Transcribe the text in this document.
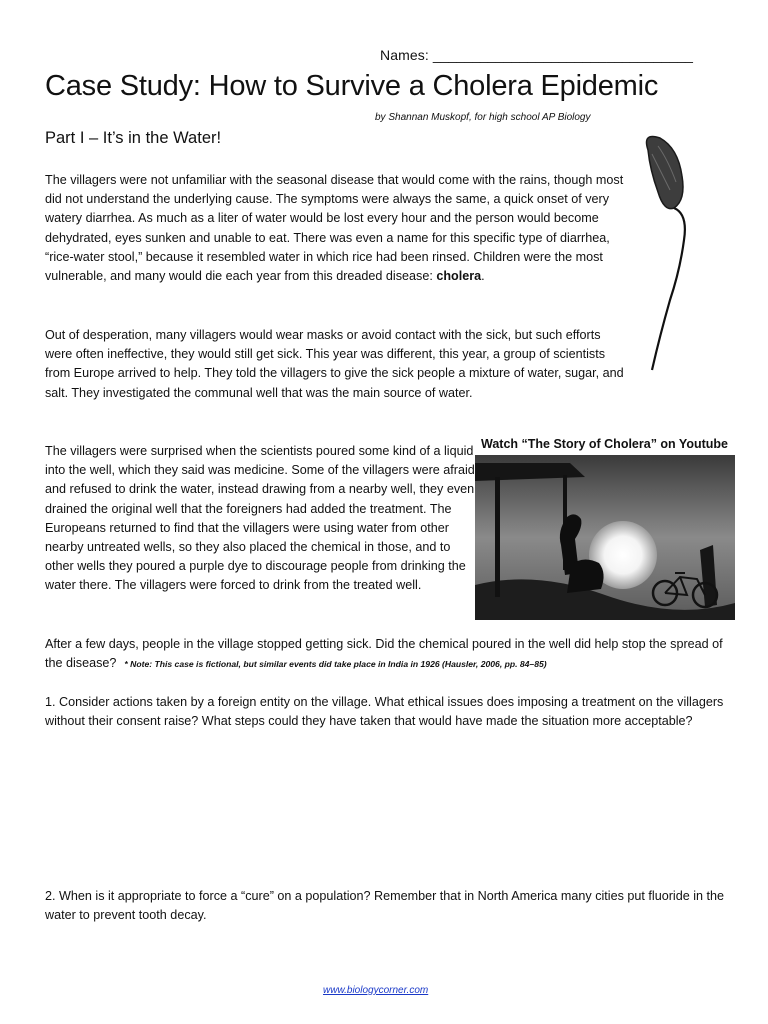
Names: _________________________________
Case Study: How to Survive a Cholera Epidemic
by Shannan Muskopf, for high school AP Biology
Part I – It’s in the Water!

The villagers were not unfamiliar with the seasonal disease that would come with the rains, though most did not understand the underlying cause. The symptoms were always the same, a quick onset of very watery diarrhea. As much as a liter of water would be lost every hour and the person would become dehydrated, eyes sunken and unable to eat. There was even a name for this specific type of diarrhea, “rice-water stool,” because it resembled water in which rice had been rinsed. Children were the most vulnerable, and many would die each year from this dreaded disease: cholera.

Out of desperation, many villagers would wear masks or avoid contact with the sick, but such efforts were often ineffective, they would still get sick. This year was different, this year, a group of scientists from Europe arrived to help. They told the villagers to give the sick people a mixture of water, sugar, and salt. They investigated the communal well that was the main source of water.

The villagers were surprised when the scientists poured some kind of a liquid into the well, which they said was medicine. Some of the villagers were afraid and refused to drink the water, instead drawing from a nearby well, they even drained the original well that the foreigners had added the treatment. The Europeans returned to find that the villagers were using water from other nearby untreated wells, so they also placed the chemical in those, and to other wells they poured a purple dye to discourage people from drinking the water there. The villagers were forced to drink from the treated well.

Watch “The Story of Cholera” on Youtube

After a few days, people in the village stopped getting sick. Did the chemical poured in the well did help stop the spread of the disease? * Note: This case is fictional, but similar events did take place in India in 1926 (Hausler, 2006, pp. 84–85)

1. Consider actions taken by a foreign entity on the village. What ethical issues does imposing a treatment on the villagers without their consent raise? What steps could they have taken that would have made the situation more acceptable?

2. When is it appropriate to force a “cure” on a population? Remember that in North America many cities put fluoride in the water to prevent tooth decay.

www.biologycorner.com
